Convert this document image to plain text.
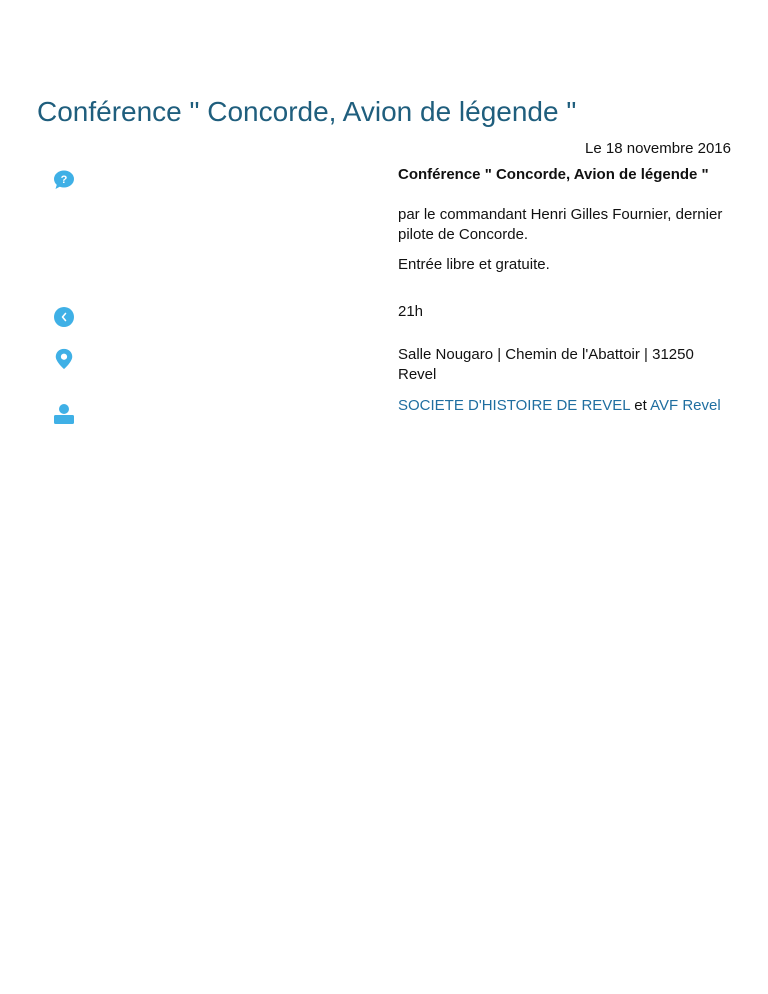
Conférence " Concorde, Avion de légende "
Le 18 novembre 2016
?	Conférence " Concorde, Avion de légende "

par le commandant Henri Gilles Fournier, dernier pilote de Concorde.

Entrée libre et gratuite.

21h
Salle Nougaro | Chemin de l'Abattoir | 31250 Revel
SOCIETE D'HISTOIRE DE REVEL et AVF Revel
